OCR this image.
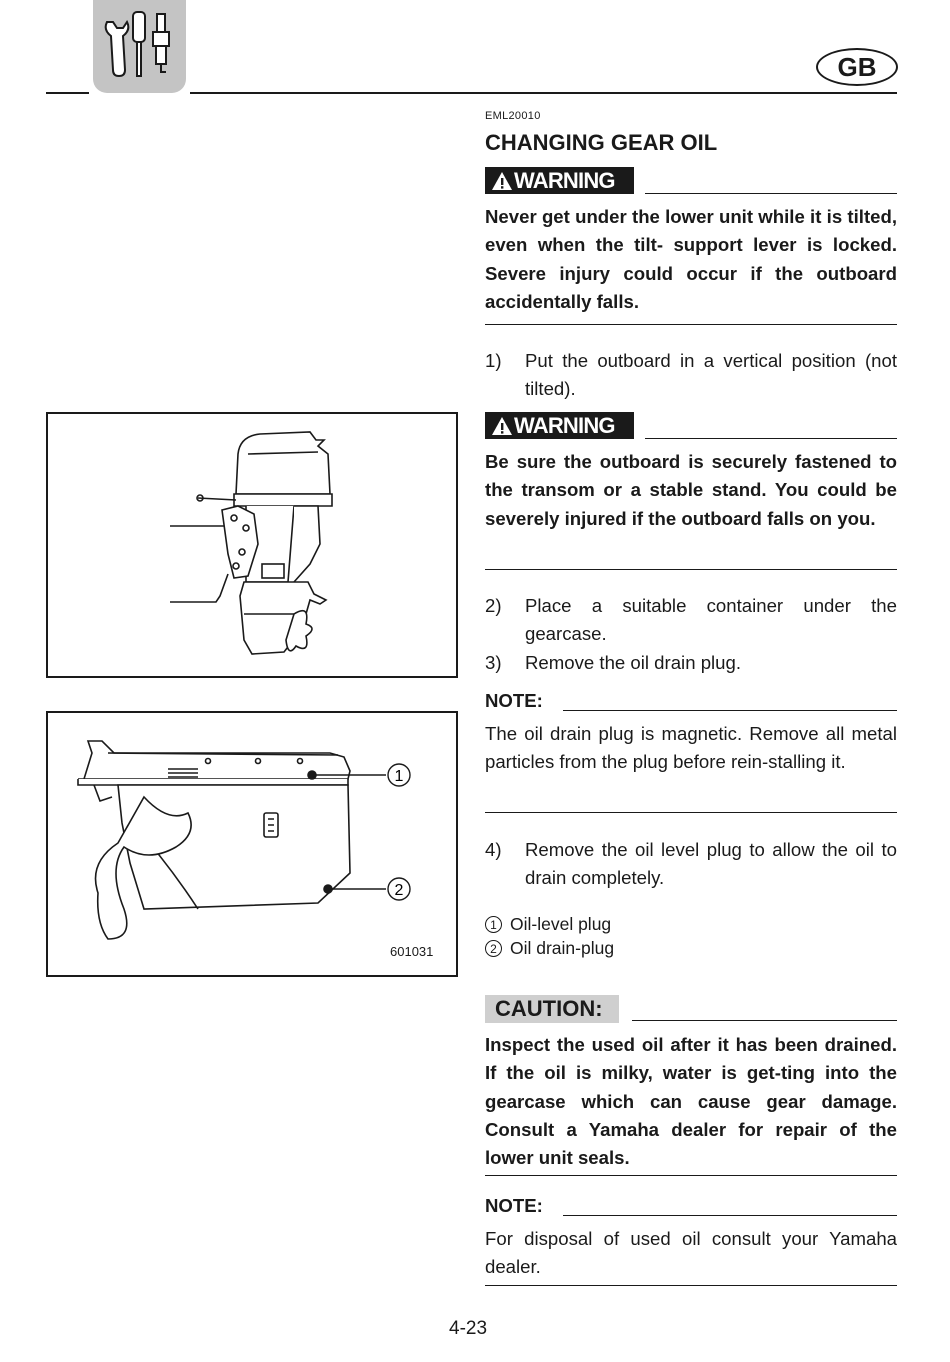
GB
EML20010
CHANGING GEAR OIL
WARNING
Never get under the lower unit while it is tilted, even when the tilt- support lever is locked. Severe injury could occur if the outboard accidentally falls.
1) Put the outboard in a vertical position (not tilted).
WARNING
Be sure the outboard is securely fastened to the transom or a stable stand. You could be severely injured if the outboard falls on you.
2) Place a suitable container under the gearcase.
3) Remove the oil drain plug.
NOTE:
The oil drain plug is magnetic. Remove all metal particles from the plug before rein-stalling it.
4) Remove the oil level plug to allow the oil to drain completely.
1 Oil-level plug
2 Oil drain-plug
CAUTION:
Inspect the used oil after it has been drained. If the oil is milky, water is get-ting into the gearcase which can cause gear damage. Consult a Yamaha dealer for repair of the lower unit seals.
NOTE:
For disposal of used oil consult your Yamaha dealer.
1
2
601031
4-23
